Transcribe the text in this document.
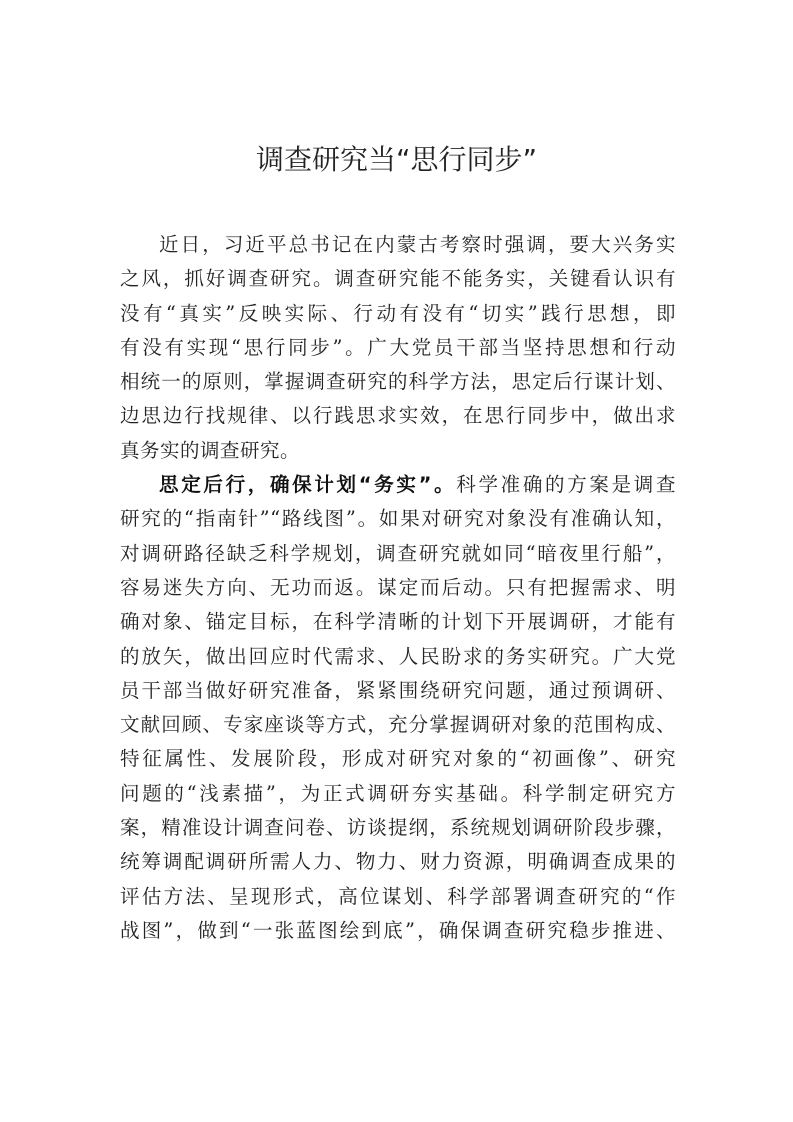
调查研究当“思行同步”
近日，习近平总书记在内蒙古考察时强调，要大兴务实
之风，抓好调查研究。调查研究能不能务实，关键看认识有
没有“真实”反映实际、行动有没有“切实”践行思想，即
有没有实现“思行同步”。广大党员干部当坚持思想和行动
相统一的原则，掌握调查研究的科学方法，思定后行谋计划、
边思边行找规律、以行践思求实效，在思行同步中，做出求
真务实的调查研究。
思定后行，确保计划“务实”。科学准确的方案是调查
研究的“指南针”“路线图”。如果对研究对象没有准确认知，
对调研路径缺乏科学规划，调查研究就如同“暗夜里行船”，
容易迷失方向、无功而返。谋定而后动。只有把握需求、明
确对象、锚定目标，在科学清晰的计划下开展调研，才能有
的放矢，做出回应时代需求、人民盼求的务实研究。广大党
员干部当做好研究准备，紧紧围绕研究问题，通过预调研、
文献回顾、专家座谈等方式，充分掌握调研对象的范围构成、
特征属性、发展阶段，形成对研究对象的“初画像”、研究
问题的“浅素描”，为正式调研夯实基础。科学制定研究方
案，精准设计调查问卷、访谈提纲，系统规划调研阶段步骤，
统筹调配调研所需人力、物力、财力资源，明确调查成果的
评估方法、呈现形式，高位谋划、科学部署调查研究的“作
战图”，做到“一张蓝图绘到底”，确保调查研究稳步推进、
